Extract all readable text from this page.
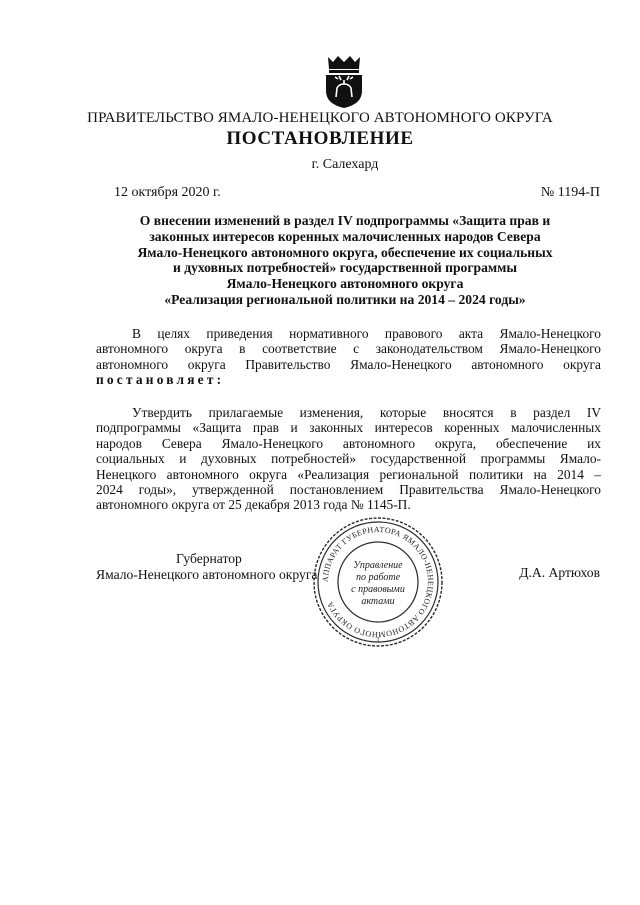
ПРАВИТЕЛЬСТВО ЯМАЛО-НЕНЕЦКОГО АВТОНОМНОГО ОКРУГА
ПОСТАНОВЛЕНИЕ
г. Салехард
12 октября 2020 г.	№ 1194-П
О внесении изменений в раздел IV подпрограммы «Защита прав и
законных интересов коренных малочисленных народов Севера
Ямало-Ненецкого автономного округа, обеспечение их социальных
и духовных потребностей» государственной программы
Ямало-Ненецкого автономного округа
«Реализация региональной политики на 2014 – 2024 годы»
В целях приведения нормативного правового акта Ямало-Ненецкого
автономного округа в соответствие с законодательством Ямало-Ненецкого
автономного округа Правительство Ямало-Ненецкого автономного округа
постановляет:
Утвердить прилагаемые изменения, которые вносятся в раздел IV
подпрограммы «Защита прав и законных интересов коренных малочисленных
народов Севера Ямало-Ненецкого автономного округа, обеспечение их
социальных и духовных потребностей» государственной программы Ямало-
Ненецкого автономного округа «Реализация региональной политики на 2014 –
2024 годы», утвержденной постановлением Правительства Ямало-Ненецкого
автономного округа от 25 декабря 2013 года № 1145-П.
Губернатор
Ямало-Ненецкого автономного округа	Д.А. Артюхов
АППАРАТ ГУБЕРНАТОРА ЯМАЛО-НЕНЕЦКОГО АВТОНОМНОГО ОКРУГА
1
Управление
по работе
с правовыми
актами
